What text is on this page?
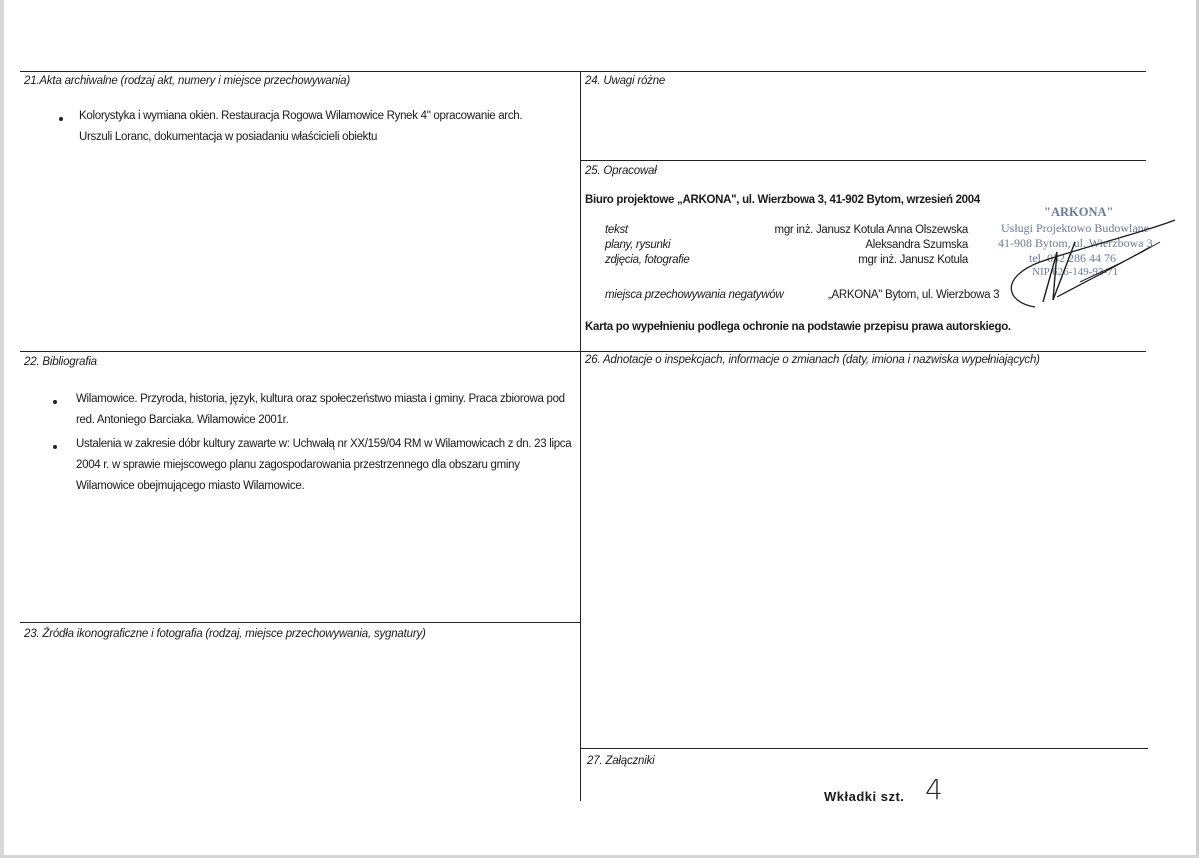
21.Akta archiwalne (rodzaj akt, numery i miejsce przechowywania)
Kolorystyka i wymiana okien. Restauracja Rogowa Wilamowice Rynek 4" opracowanie arch. Urszuli Loranc, dokumentacja w posiadaniu właścicieli obiektu
24. Uwagi różne
25. Opracował
Biuro projektowe „ARKONA", ul. Wierzbowa 3, 41-902 Bytom, wrzesień 2004
tekst	mgr inż. Janusz Kotula Anna Olszewska
plany, rysunki	Aleksandra Szumska
zdjęcia, fotografie	mgr inż. Janusz Kotula
miejsca przechowywania negatywów	„ARKONA" Bytom, ul. Wierzbowa 3
Karta po wypełnieniu podlega ochronie na podstawie przepisu prawa autorskiego.
"ARKONA"
Usługi Projektowo Budowlane
41-908 Bytom, ul. Wierzbowa 3
tel. 032 286 44 76
NIP 626-149-93-71
22. Bibliografia
Wilamowice. Przyroda, historia, język, kultura oraz społeczeństwo miasta i gminy. Praca zbiorowa pod red. Antoniego Barciaka. Wilamowice 2001r.
Ustalenia w zakresie dóbr kultury zawarte w: Uchwałą nr XX/159/04 RM w Wilamowicach z dn. 23 lipca 2004 r. w sprawie miejscowego planu zagospodarowania przestrzennego dla obszaru gminy Wilamowice obejmującego miasto Wilamowice.
23. Źródła ikonograficzne i fotografia (rodzaj, miejsce przechowywania, sygnatury)
26. Adnotacje o inspekcjach, informacje o zmianach (daty, imiona i nazwiska wypełniających)
27. Załączniki
Wkładki szt. 4
